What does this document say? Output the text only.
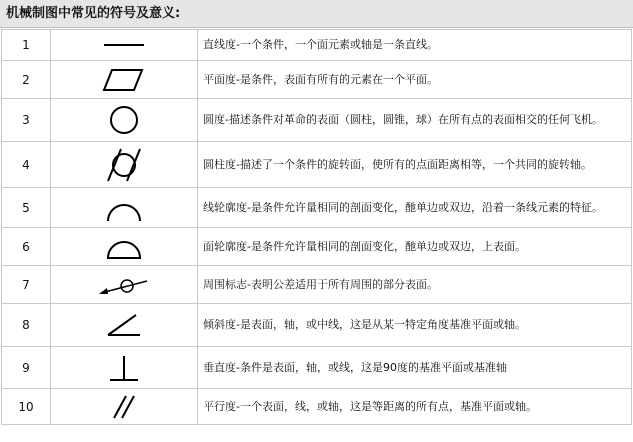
机械制图中常见的符号及意义:
1		直线度-一个条件，一个面元素或轴是一条直线。
2		平面度-是条件，表面有所有的元素在一个平面。
3		圆度-描述条件对革命的表面（圆柱，圆锥，球）在所有点的表面相交的任何飞机。
4		圆柱度-描述了一个条件的旋转面，使所有的点面距离相等，一个共同的旋转轴。
5		线轮廓度-是条件允许量相同的剖面变化，酏单边或双边，沿着一条线元素的特征。
6		面轮廓度-是条件允许量相同的剖面变化，酏单边或双边，上表面。
7		周围标志-表明公差适用于所有周围的部分表面。
8		倾斜度-是表面，轴，或中线，这是从某一特定角度基准平面或轴。
9		垂直度-条件是表面，轴，或线，这是90度的基准平面或基准轴
10		平行度-一个表面，线，或轴，这是等距离的所有点，基准平面或轴。
